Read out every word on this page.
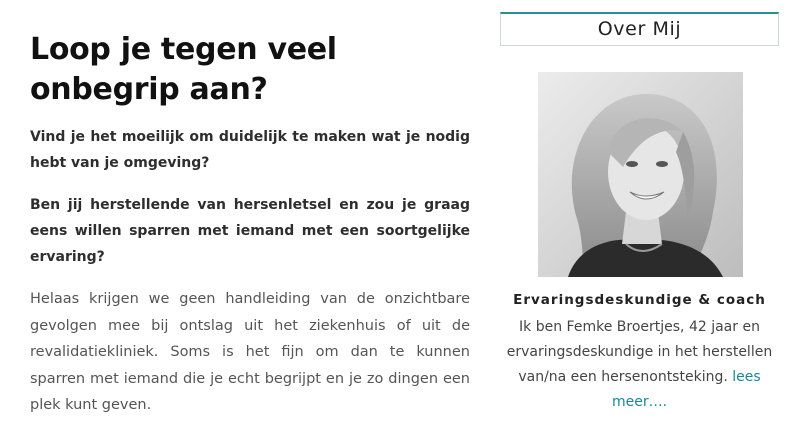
Loop je tegen veel
onbegrip aan?

Vind je het moeilijk om duidelijk te maken wat je nodig hebt van je omgeving?

Ben jij herstellende van hersenletsel en zou je graag eens willen sparren met iemand met een soortgelijke ervaring?

Helaas krijgen we geen handleiding van de onzichtbare gevolgen mee bij ontslag uit het ziekenhuis of uit de revalidatiekliniek. Soms is het fijn om dan te kunnen sparren met iemand die je echt begrijpt en je zo dingen een plek kunt geven.

Over Mij
Ervaringsdeskundige & coach
Ik ben Femke Broertjes, 42 jaar en ervaringsdeskundige in het herstellen van/na een hersenontsteking. lees meer….
